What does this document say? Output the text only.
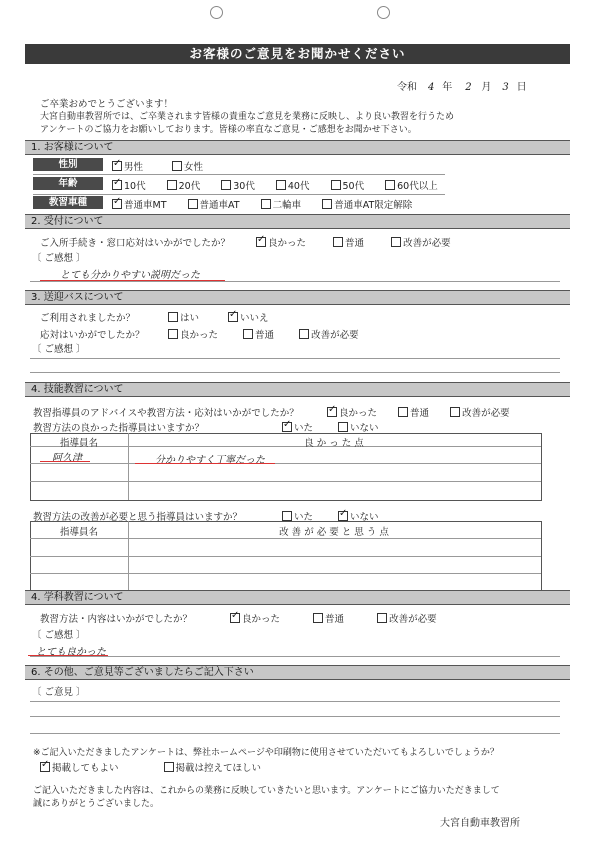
お客様のご意見をお聞かせください
令和 4 年 2 月 3 日
ご卒業おめでとうございます！
大宮自動車教習所では、ご卒業されます皆様の貴重なご意見を業務に反映し、より良い教習を行うため
アンケートのご協力をお願いしております。皆様の率直なご意見・ご感想をお聞かせ下さい。
1. お客様について
性別 ✓	男性	女性
年齢 ✓	10代	20代	30代	40代	50代	60代以上
教習車種 ✓	普通車MT	普通車AT	二輪車	普通車AT限定解除
2. 受付について
ご入所手続き・窓口応対はいかがでしたか？ ✓	良かった	普通	改善が必要
〔 ご感想 〕
とても分かりやすい説明だった
3. 送迎バスについて
ご利用されましたか？	はい ✓	いいえ
応対はいかがでしたか？	良かった	普通	改善が必要
〔 ご感想 〕
4. 技能教習について
教習指導員のアドバイスや教習方法・応対はいかがでしたか？ ✓	良かった	普通	改善が必要
教習方法の良かった指導員はいますか？ ✓	いた	いない
指導員名	良 か っ た 点
阿久津	分かりやすく丁寧だった
教習方法の改善が必要と思う指導員はいますか？	いた ✓	いない
指導員名	改 善 が 必 要 と 思 う 点
4. 学科教習について
教習方法・内容はいかがでしたか？ ✓	良かった	普通	改善が必要
〔 ご感想 〕
とても良かった
6. その他、ご意見等ございましたらご記入下さい
〔 ご意見 〕
※ご記入いただきましたアンケートは、弊社ホームページや印刷物に使用させていただいてもよろしいでしょうか？
✓掲載してもよい	掲載は控えてほしい
ご記入いただきました内容は、これからの業務に反映していきたいと思います。アンケートにご協力いただきまして
誠にありがとうございました。
大宮自動車教習所
